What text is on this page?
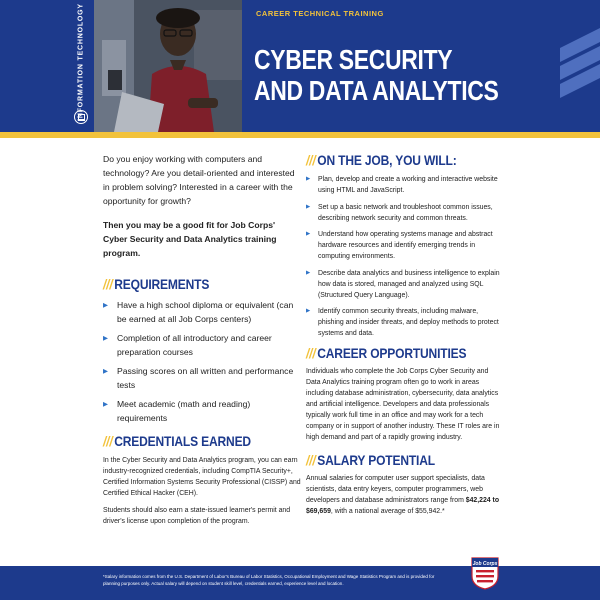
CAREER TECHNICAL TRAINING
CYBER SECURITY
AND DATA ANALYTICS
INFORMATION TECHNOLOGY

Do you enjoy working with computers and technology? Are you detail-oriented and interested in problem solving? Interested in a career with the opportunity for growth?

Then you may be a good fit for Job Corps' Cyber Security and Data Analytics training program.

/// REQUIREMENTS
▶ Have a high school diploma or equivalent (can be earned at all Job Corps centers)
▶ Completion of all introductory and career preparation courses
▶ Passing scores on all written and performance tests
▶ Meet academic (math and reading) requirements
/// CREDENTIALS EARNED

In the Cyber Security and Data Analytics program, you can earn industry-recognized credentials, including CompTIA Security+, Certified Information Systems Security Professional (CISSP) and Certified Ethical Hacker (CEH).

Students should also earn a state-issued learner's permit and driver's license upon completion of the program.

/// ON THE JOB, YOU WILL:
▶ Plan, develop and create a working and interactive website using HTML and JavaScript.
▶ Set up a basic network and troubleshoot common issues, describing network security and common threats.
▶ Understand how operating systems manage and abstract hardware resources and identify emerging trends in computing environments.
▶ Describe data analytics and business intelligence to explain how data is stored, managed and analyzed using SQL (Structured Query Language).
▶ Identify common security threats, including malware, phishing and insider threats, and deploy methods to protect systems and data.
/// CAREER OPPORTUNITIES

Individuals who complete the Job Corps Cyber Security and Data Analytics training program often go to work in areas including database administration, cybersecurity, data analytics and artificial intelligence. Developers and data professionals typically work full time in an office and may work for a tech company or in support of another industry. These IT roles are in high demand and part of a rapidly growing industry.

/// SALARY POTENTIAL

Annual salaries for computer user support specialists, data scientists, data entry keyers, computer programmers, web developers and database administrators range from $42,224 to $69,659, with a national average of $55,942.*

*Salary information comes from the U.S. Department of Labor's Bureau of Labor Statistics, Occupational Employment and Wage Statistics Program and is provided for planning purposes only. Actual salary will depend on student skill level, credentials earned, experience level and location.

Job Corps
